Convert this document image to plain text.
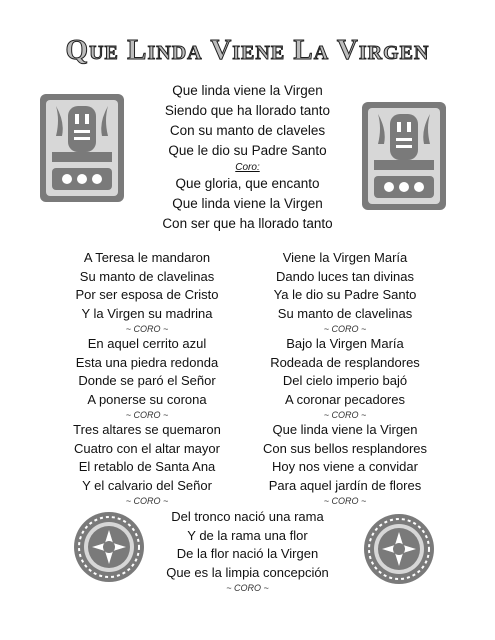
Que Linda Viene La Virgen
Que linda viene la Virgen
Siendo que ha llorado tanto
Con su manto de claveles
Que le dio su Padre Santo
Coro:
Que gloria, que encanto
Que linda viene la Virgen
Con ser que ha llorado tanto
A Teresa le mandaron
Su manto de clavelinas
Por ser esposa de Cristo
Y la Virgen su madrina
~ CORO ~
En aquel cerrito azul
Esta una piedra redonda
Donde se paró el Señor
A ponerse su corona
~ CORO ~
Tres altares se quemaron
Cuatro con el altar mayor
El retablo de Santa Ana
Y el calvario del Señor
~ CORO ~
Viene la Virgen María
Dando luces tan divinas
Ya le dio su Padre Santo
Su manto de clavelinas
~ CORO ~
Bajo la Virgen María
Rodeada de resplandores
Del cielo imperio bajó
A coronar pecadores
~ CORO ~
Que linda viene la Virgen
Con sus bellos resplandores
Hoy nos viene a convidar
Para aquel jardín de flores
~ CORO ~
Del tronco nació una rama
Y de la rama una flor
De la flor nació la Virgen
Que es la limpia concepción
~ CORO ~
